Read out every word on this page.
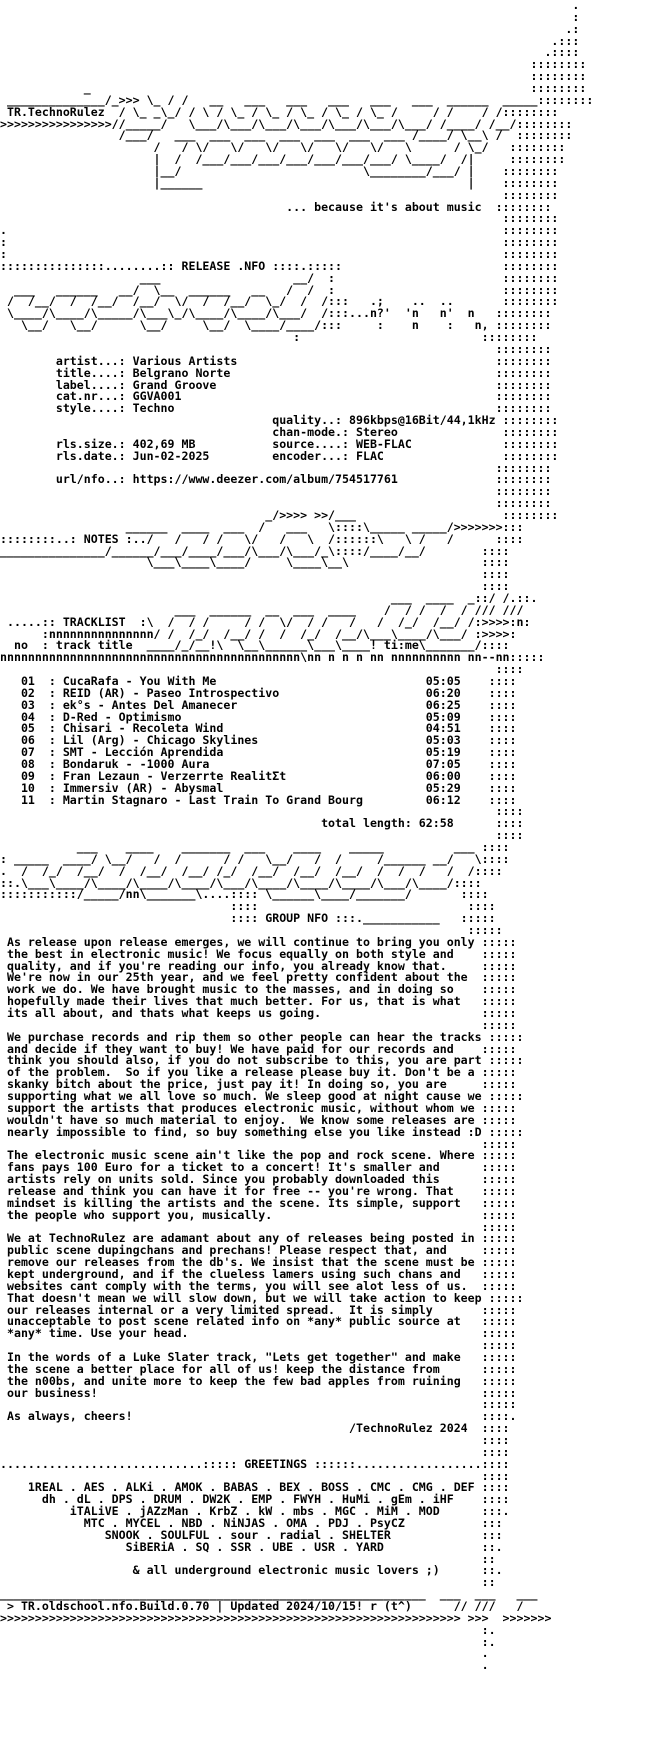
.
:
.:
.:::
.::::
::::::::
::::::::
_                                                               ::::::::
______________/_>>> \_ / /   __   ___   ___   ___   ___   ___  ______  _____::::::::
TR.TechnoRulez  / \_ _\_/ / \ / \_ / \_ / \_ / \_ / \_ /     / /    / /::::::::
>>>>>>>>>>>>>>>>//_____/   \___/\___/\___/\___/\___/\___/\___/ /____/ /__/::::::::
/___/   ___  ___  ___  ___  ___  ___  ___ /____/ \__\ /  ::::::::
/   / \/   \/   \/   \/   \/   \/   \      / \_/   ::::::::
|  /  /___/___/___/___/___/___/___/ \____/  /|     ::::::::
|__/                          \________/___/ |    ::::::::
|______                                      |    ::::::::
::::::::
... because it's about music  ::::::::
::::::::
.                                                                       ::::::::
:                                                                       ::::::::
:                                                                       ::::::::
:::::::::::::::........:: RELEASE .NFO ::::.:::::                       ::::::::
___                   __/  :                        ::::::::
___   ______   __/  \__  ______   __   /  /  :                        ::::::::
/  /__/  /  /__/  /__/  \/  /  /__/  \_/  /  /:::   .;    ..  ..       ::::::::
\____/\____/\_____/\___\_/\____/\____/\___/  /:::...n?'  'n   n'  n   ::::::::
\__/   \__/      \__/     \__/  \____/____/:::     :    n    :   n, ::::::::
:                          ::::::::
::::::::
artist...: Various Artists                                     ::::::::
title....: Belgrano Norte                                      ::::::::
label....: Grand Groove                                        ::::::::
cat.nr...: GGVA001                                             ::::::::
style....: Techno                                              ::::::::
quality..: 896kbps@16Bit/44,1kHz ::::::::
chan-mode.: Stereo               ::::::::
rls.size.: 402,69 MB           source....: WEB-FLAC             ::::::::
rls.date.: Jun-02-2025         encoder...: FLAC                 ::::::::
::::::::
url/nfo..: https://www.deezer.com/album/754517761              ::::::::
::::::::
::::::::
_/>>>> >>/___                     ::::::::
______  ____  ___  /   ___   \::::\_____ _____/>>>>>>>:::
::::::::..: NOTES :../   /   / /   \/   /   \  /::::::\   \ /   /      ::::
_______________/______/___/____/___/\___/\___/_\::::/____/__/        ::::
\___\____\____/     \____\__\                   ::::
::::
::::
___  ____  _::/ /.::.
___  ______  __  ___  ____    /  / /  /  / /// ///
.....:: TRACKLIST  :\  /  / /     / /  \/  / /   /   /  /_/  /__/ /:>>>>:n:
:nnnnnnnnnnnnnnn/ /  /_/  /__/ /  /  /_/  /__/\___\____/\___/ :>>>>:
no  : track title  ____/_/__!\  \__\______\___\____! ti:me\_______/::::
nnnnnnnnnnnnnnnnnnnnnnnnnnnnnnnnnnnnnnnnnnn\nn n n n nn nnnnnnnnnn nn--nn:::::
::::
01  : CucaRafa - You With Me                              05:05    ::::
02  : REID (AR) - Paseo Introspectivo                     06:20    ::::
03  : ek°s - Antes Del Amanecer                           06:25    ::::
04  : D-Red - Optimismo                                   05:09    ::::
05  : Chisari - Recoleta Wind                             04:51    ::::
06  : Lil (Arg) - Chicago Skylines                        05:03    ::::
07  : SMT - Lección Aprendida                             05:19    ::::
08  : Bondaruk - -1000 Aura                               07:05    ::::
09  : Fran Lezaun - Verzerrte RealitΣt                    06:00    ::::
10  : Immersiv (AR) - Abysmal                             05:29    ::::
11  : Martin Stagnaro - Last Train To Grand Bourg         06:12    ::::
::::
total length: 62:58      ::::
::::
___    ____    _______  ___    ____    _____          ___ ::::
: _____  ____/ \__/   /  /      / /   \__/   /  /     /______ __/   \::::
.  /  /_/  /__/  /  /__/  /__/ /_/  /__/  /__/  /__/  /  /  /   /  /::::
::.\___\____/\____/\____/\____/\___/\____/\____/\____/\___/\____/::::
:::::::::::/_____/nn\_______\....:::: \______\____/_______/       ::::
::::                              ::::
:::: GROUP NFO :::.___________   :::::
:::::
As release upon release emerges, we will continue to bring you only :::::
the best in electronic music! We focus equally on both style and    :::::
quality, and if you're reading our info, you already know that.     :::::
We're now in our 25th year, and we feel pretty confident about the  :::::
work we do. We have brought music to the masses, and in doing so    :::::
hopefully made their lives that much better. For us, that is what   :::::
its all about, and thats what keeps us going.                       :::::
:::::
We purchase records and rip them so other people can hear the tracks :::::
and decide if they want to buy! We have paid for our records and    :::::
think you should also, if you do not subscribe to this, you are part :::::
of the problem.  So if you like a release please buy it. Don't be a :::::
skanky bitch about the price, just pay it! In doing so, you are     :::::
supporting what we all love so much. We sleep good at night cause we :::::
support the artists that produces electronic music, without whom we :::::
wouldn't have so much material to enjoy.  We know some releases are :::::
nearly impossible to find, so buy something else you like instead :D :::::
:::::
The electronic music scene ain't like the pop and rock scene. Where :::::
fans pays 100 Euro for a ticket to a concert! It's smaller and      :::::
artists rely on units sold. Since you probably downloaded this      :::::
release and think you can have it for free -- you're wrong. That    :::::
mindset is killing the artists and the scene. Its simple, support   :::::
the people who support you, musically.                              :::::
:::::
We at TechnoRulez are adamant about any of releases being posted in :::::
public scene dupingchans and prechans! Please respect that, and     :::::
remove our releases from the db's. We insist that the scene must be :::::
kept underground, and if the clueless lamers using such chans and   :::::
websites cant comply with the terms, you will see alot less of us.  :::::
That doesn't mean we will slow down, but we will take action to keep :::::
our releases internal or a very limited spread.  It is simply       :::::
unacceptable to post scene related info on *any* public source at   :::::
*any* time. Use your head.                                          :::::
:::::
In the words of a Luke Slater track, "Lets get together" and make   :::::
the scene a better place for all of us! keep the distance from      :::::
the n00bs, and unite more to keep the few bad apples from ruining   :::::
our business!                                                       :::::
:::::
As always, cheers!                                                  ::::.
/TechnoRulez 2024  ::::
::::
::::
.............................::::: GREETINGS ::::::..................::::
::::
1REAL . AES . ALKi . AMOK . BABAS . BEX . BOSS . CMC . CMG . DEF ::::
dh . dL . DPS . DRUM . DW2K . EMP . FWYH . HuMi . gEm . iHF    ::::
iTALiVE . jAZzMan . KrbZ . kW . mbs . MGC . MiM . MOD      :::.
MTC . MYCEL . NBD . NiNJAS . OMA . PDJ . PsyCZ           :::
SNOOK . SOULFUL . sour . radial . SHELTER             :::
SiBERiA . SQ . SSR . UBE . USR . YARD              ::.
::
& all underground electronic music lovers ;)      ::.
::
_____________________________________________________________  ___  ___   ___
> TR.oldschool.nfo.Build.0.70 | Updated 2024/10/15! r (t^)      // ///   /
>>>>>>>>>>>>>>>>>>>>>>>>>>>>>>>>>>>>>>>>>>>>>>>>>>>>>>>>>>>>>>>>>> >>>  >>>>>>>
:.
:.
.
.
